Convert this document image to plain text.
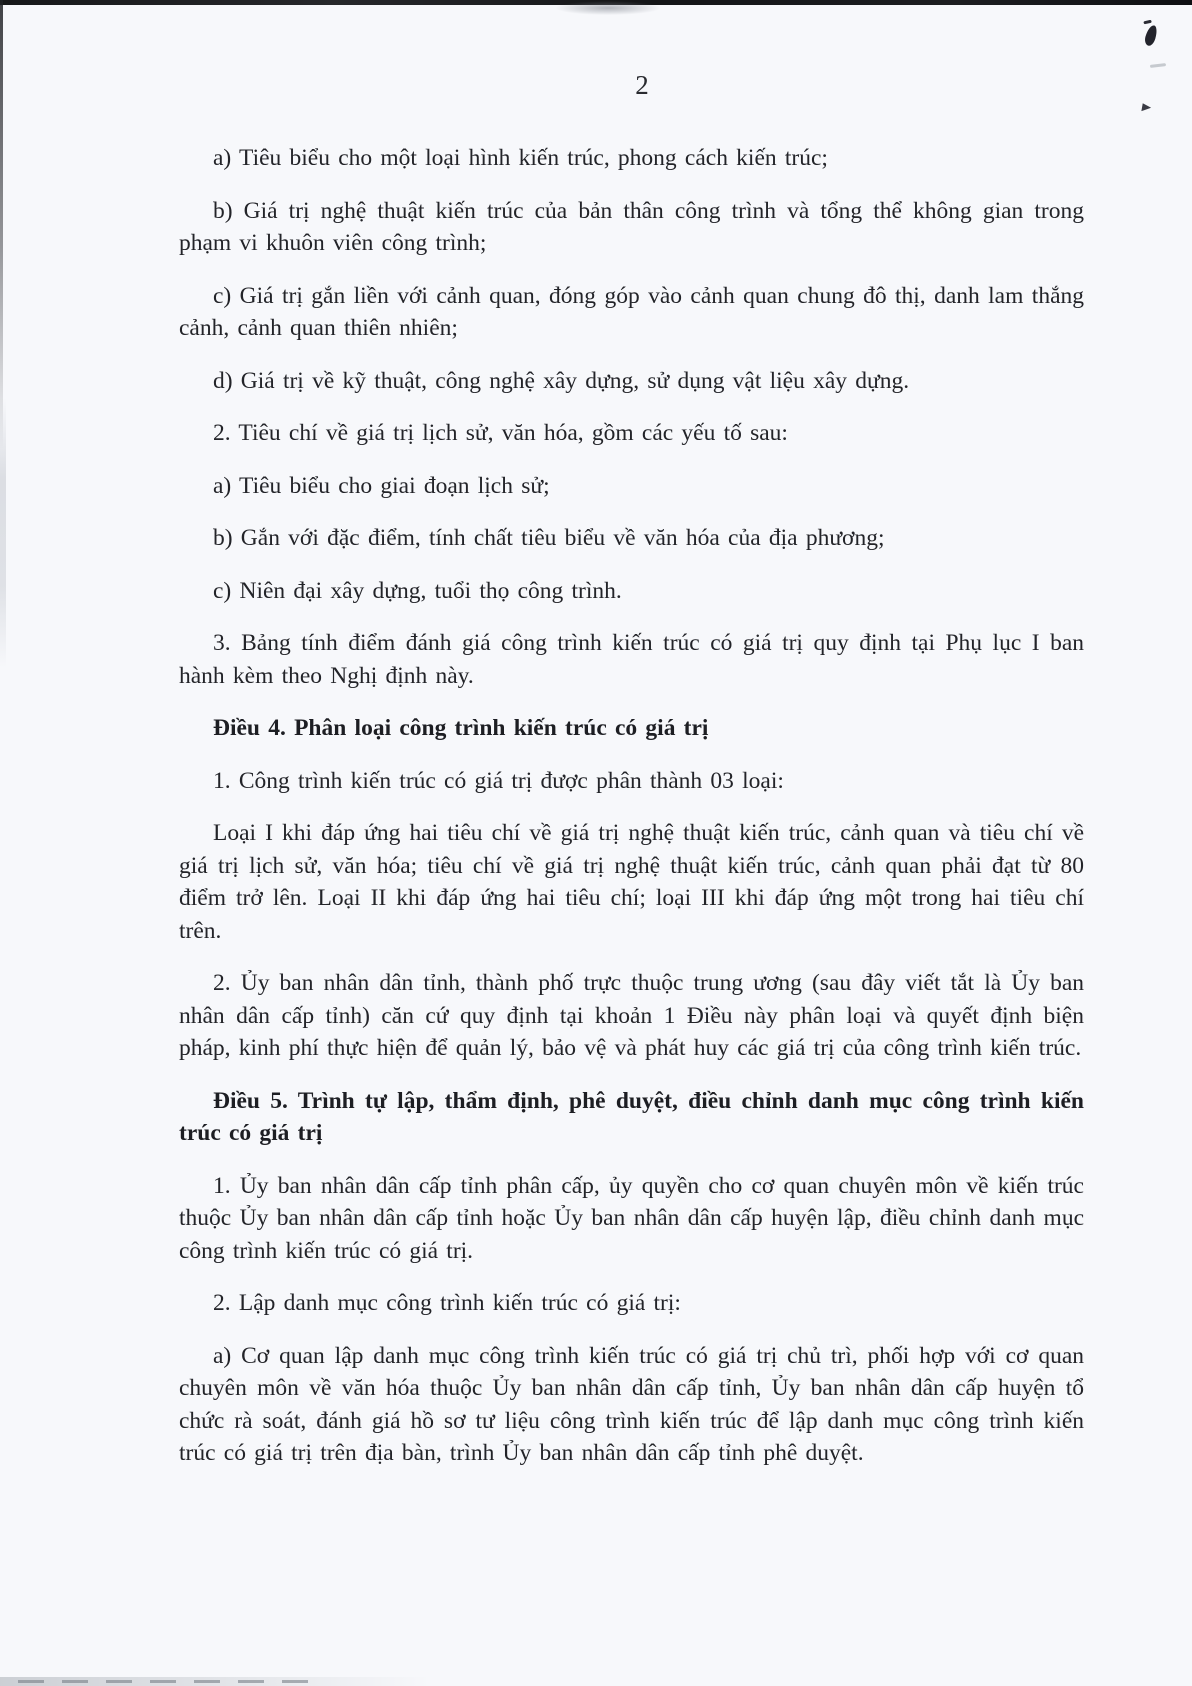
2

a) Tiêu biểu cho một loại hình kiến trúc, phong cách kiến trúc;

b) Giá trị nghệ thuật kiến trúc của bản thân công trình và tổng thể không gian trong phạm vi khuôn viên công trình;

c) Giá trị gắn liền với cảnh quan, đóng góp vào cảnh quan chung đô thị, danh lam thắng cảnh, cảnh quan thiên nhiên;

d) Giá trị về kỹ thuật, công nghệ xây dựng, sử dụng vật liệu xây dựng.

2. Tiêu chí về giá trị lịch sử, văn hóa, gồm các yếu tố sau:

a) Tiêu biểu cho giai đoạn lịch sử;

b) Gắn với đặc điểm, tính chất tiêu biểu về văn hóa của địa phương;

c) Niên đại xây dựng, tuổi thọ công trình.

3. Bảng tính điểm đánh giá công trình kiến trúc có giá trị quy định tại Phụ lục I ban hành kèm theo Nghị định này.

Điều 4. Phân loại công trình kiến trúc có giá trị

1. Công trình kiến trúc có giá trị được phân thành 03 loại:

Loại I khi đáp ứng hai tiêu chí về giá trị nghệ thuật kiến trúc, cảnh quan và tiêu chí về giá trị lịch sử, văn hóa; tiêu chí về giá trị nghệ thuật kiến trúc, cảnh quan phải đạt từ 80 điểm trở lên. Loại II khi đáp ứng hai tiêu chí; loại III khi đáp ứng một trong hai tiêu chí trên.

2. Ủy ban nhân dân tỉnh, thành phố trực thuộc trung ương (sau đây viết tắt là Ủy ban nhân dân cấp tỉnh) căn cứ quy định tại khoản 1 Điều này phân loại và quyết định biện pháp, kinh phí thực hiện để quản lý, bảo vệ và phát huy các giá trị của công trình kiến trúc.

Điều 5. Trình tự lập, thẩm định, phê duyệt, điều chỉnh danh mục công trình kiến trúc có giá trị

1. Ủy ban nhân dân cấp tỉnh phân cấp, ủy quyền cho cơ quan chuyên môn về kiến trúc thuộc Ủy ban nhân dân cấp tỉnh hoặc Ủy ban nhân dân cấp huyện lập, điều chỉnh danh mục công trình kiến trúc có giá trị.

2. Lập danh mục công trình kiến trúc có giá trị:

a) Cơ quan lập danh mục công trình kiến trúc có giá trị chủ trì, phối hợp với cơ quan chuyên môn về văn hóa thuộc Ủy ban nhân dân cấp tỉnh, Ủy ban nhân dân cấp huyện tổ chức rà soát, đánh giá hồ sơ tư liệu công trình kiến trúc để lập danh mục công trình kiến trúc có giá trị trên địa bàn, trình Ủy ban nhân dân cấp tỉnh phê duyệt.
